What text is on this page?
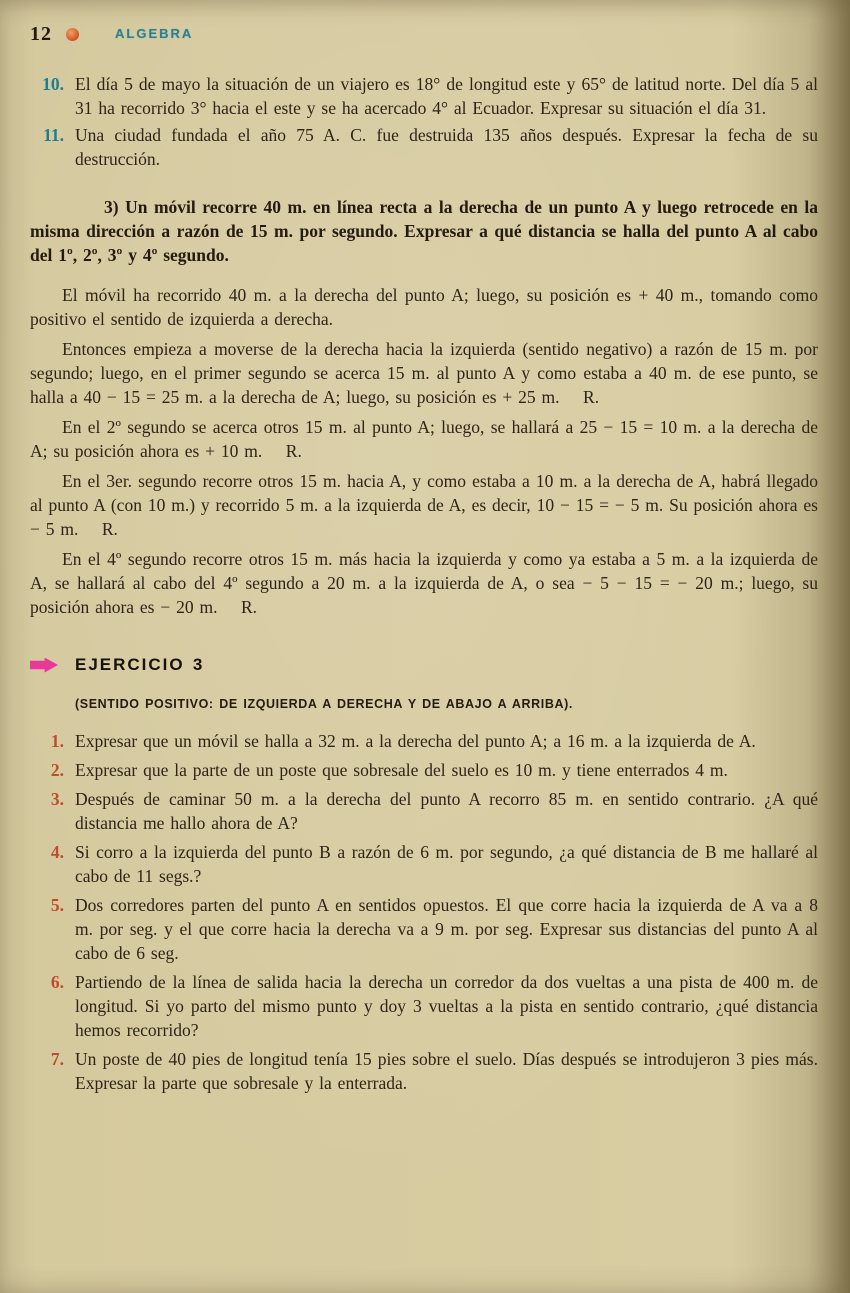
12	ALGEBRA
10. El día 5 de mayo la situación de un viajero es 18° de longitud este y 65° de latitud norte. Del día 5 al 31 ha recorrido 3° hacia el este y se ha acercado 4° al Ecuador. Expresar su situación el día 31.
11. Una ciudad fundada el año 75 A. C. fue destruida 135 años después. Expresar la fecha de su destrucción.

3) Un móvil recorre 40 m. en línea recta a la derecha de un punto A y luego retrocede en la misma dirección a razón de 15 m. por segundo. Expresar a qué distancia se halla del punto A al cabo del 1º, 2º, 3º y 4º segundo.

El móvil ha recorrido 40 m. a la derecha del punto A; luego, su posición es + 40 m., tomando como positivo el sentido de izquierda a derecha.

Entonces empieza a moverse de la derecha hacia la izquierda (sentido negativo) a razón de 15 m. por segundo; luego, en el primer segundo se acerca 15 m. al punto A y como estaba a 40 m. de ese punto, se halla a 40 − 15 = 25 m. a la derecha de A; luego, su posición es + 25 m.    R.

En el 2º segundo se acerca otros 15 m. al punto A; luego, se hallará a 25 − 15 = 10 m. a la derecha de A; su posición ahora es + 10 m.    R.

En el 3er. segundo recorre otros 15 m. hacia A, y como estaba a 10 m. a la derecha de A, habrá llegado al punto A (con 10 m.) y recorrido 5 m. a la izquierda de A, es decir, 10 − 15 = − 5 m. Su posición ahora es − 5 m.    R.

En el 4º segundo recorre otros 15 m. más hacia la izquierda y como ya estaba a 5 m. a la izquierda de A, se hallará al cabo del 4º segundo a 20 m. a la izquierda de A, o sea − 5 − 15 = − 20 m.; luego, su posición ahora es − 20 m.    R.

EJERCICIO 3

(SENTIDO POSITIVO: DE IZQUIERDA A DERECHA Y DE ABAJO A ARRIBA).

1. Expresar que un móvil se halla a 32 m. a la derecha del punto A; a 16 m. a la izquierda de A.
2. Expresar que la parte de un poste que sobresale del suelo es 10 m. y tiene enterrados 4 m.
3. Después de caminar 50 m. a la derecha del punto A recorro 85 m. en sentido contrario. ¿A qué distancia me hallo ahora de A?
4. Si corro a la izquierda del punto B a razón de 6 m. por segundo, ¿a qué distancia de B me hallaré al cabo de 11 segs.?
5. Dos corredores parten del punto A en sentidos opuestos. El que corre hacia la izquierda de A va a 8 m. por seg. y el que corre hacia la derecha va a 9 m. por seg. Expresar sus distancias del punto A al cabo de 6 seg.
6. Partiendo de la línea de salida hacia la derecha un corredor da dos vueltas a una pista de 400 m. de longitud. Si yo parto del mismo punto y doy 3 vueltas a la pista en sentido contrario, ¿qué distancia hemos recorrido?
7. Un poste de 40 pies de longitud tenía 15 pies sobre el suelo. Días después se introdujeron 3 pies más. Expresar la parte que sobresale y la enterrada.
